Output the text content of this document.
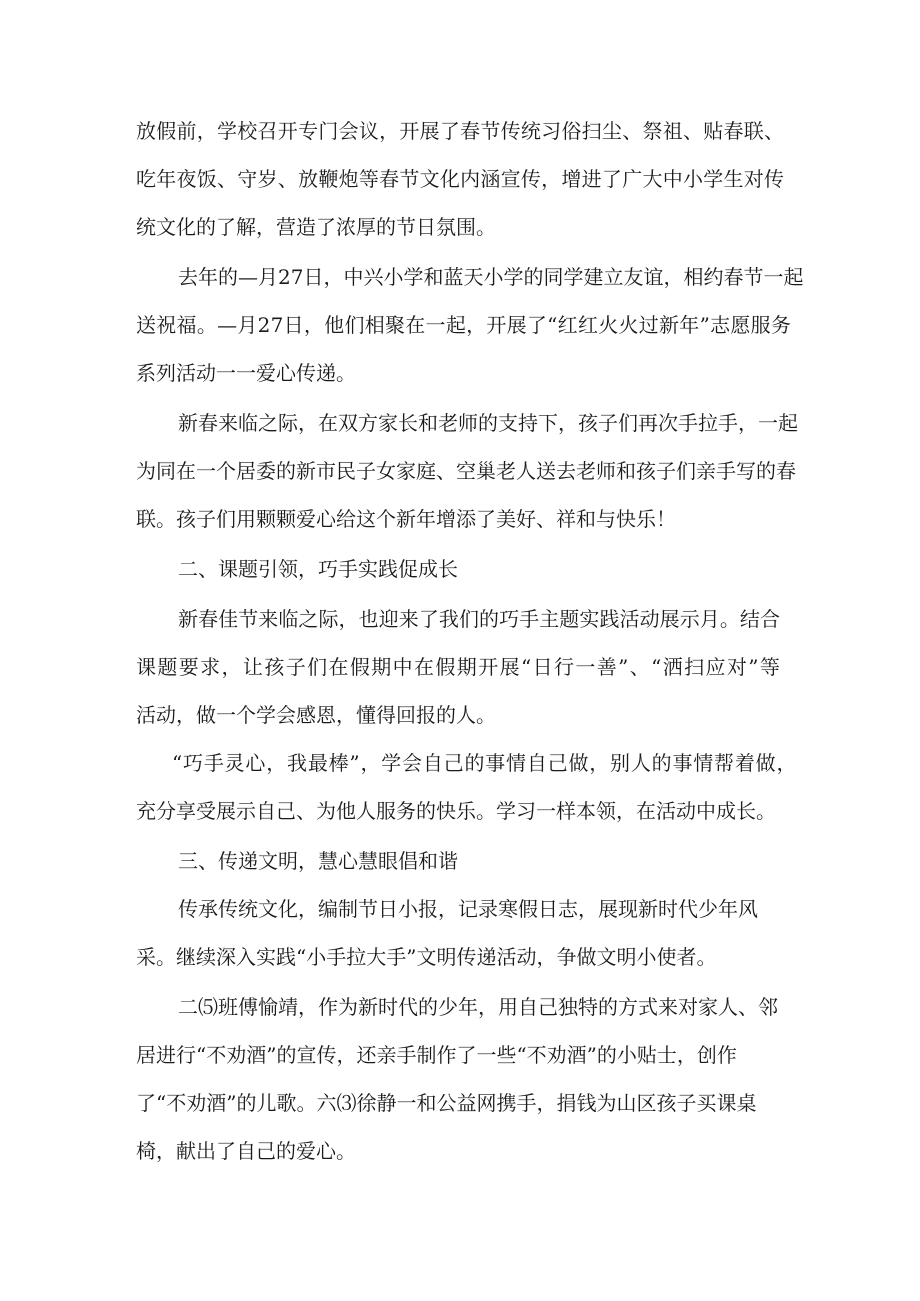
放假前，学校召开专门会议，开展了春节传统习俗扫尘、祭祖、贴春联、
吃年夜饭、守岁、放鞭炮等春节文化内涵宣传，增进了广大中小学生对传
统文化的了解，营造了浓厚的节日氛围。
去年的—月27日，中兴小学和蓝天小学的同学建立友谊，相约春节一起
送祝福。—月27日，他们相聚在一起，开展了“红红火火过新年”志愿服务
系列活动一一爱心传递。
新春来临之际，在双方家长和老师的支持下，孩子们再次手拉手，一起
为同在一个居委的新市民子女家庭、空巢老人送去老师和孩子们亲手写的春
联。孩子们用颗颗爱心给这个新年增添了美好、祥和与快乐！
二、课题引领，巧手实践促成长
新春佳节来临之际，也迎来了我们的巧手主题实践活动展示月。结合
课题要求，让孩子们在假期中在假期开展“日行一善”、“洒扫应对”等
活动，做一个学会感恩，懂得回报的人。
“巧手灵心，我最棒”，学会自己的事情自己做，别人的事情帮着做，
充分享受展示自己、为他人服务的快乐。学习一样本领，在活动中成长。
三、传递文明，慧心慧眼倡和谐
传承传统文化，编制节日小报，记录寒假日志，展现新时代少年风
采。继续深入实践“小手拉大手”文明传递活动，争做文明小使者。
二⑸班傅愉靖，作为新时代的少年，用自己独特的方式来对家人、邻
居进行“不劝酒”的宣传，还亲手制作了一些“不劝酒”的小贴士，创作
了“不劝酒”的儿歌。六⑶徐静一和公益网携手，捐钱为山区孩子买课桌
椅，献出了自己的爱心。
